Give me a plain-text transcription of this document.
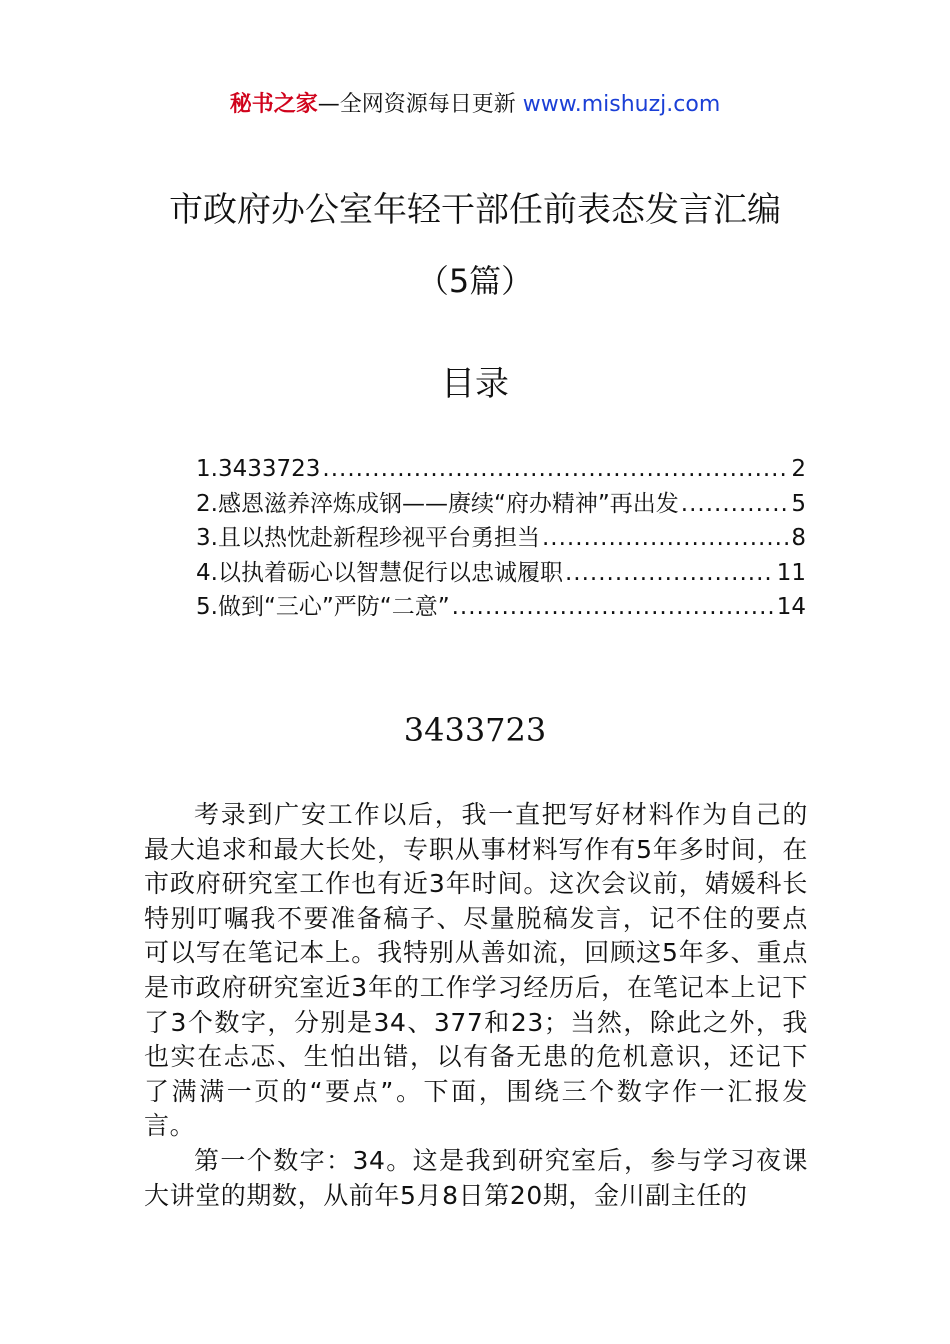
秘书之家—全网资源每日更新 www.mishuzj.com
市政府办公室年轻干部任前表态发言汇编
（5篇）
目录
1.3433723 .....	2
2.感恩滋养淬炼成钢——赓续“府办精神”再出发 .....	5
3.且以热忱赴新程珍视平台勇担当 .....	8
4.以执着砺心以智慧促行以忠诚履职 .....	11
5.做到“三心”严防“二意” .....	14
3433723

考录到广安工作以后，我一直把写好材料作为自己的最大追求和最大长处，专职从事材料写作有5年多时间，在市政府研究室工作也有近3年时间。这次会议前，婧媛科长特别叮嘱我不要准备稿子、尽量脱稿发言，记不住的要点可以写在笔记本上。我特别从善如流，回顾这5年多、重点是市政府研究室近3年的工作学习经历后，在笔记本上记下了3个数字，分别是34、377和23；当然，除此之外，我也实在忐忑、生怕出错，以有备无患的危机意识，还记下了满满一页的“要点”。下面，围绕三个数字作一汇报发言。

第一个数字：34。这是我到研究室后，参与学习夜课大讲堂的期数，从前年5月8日第20期，金川副主任的
